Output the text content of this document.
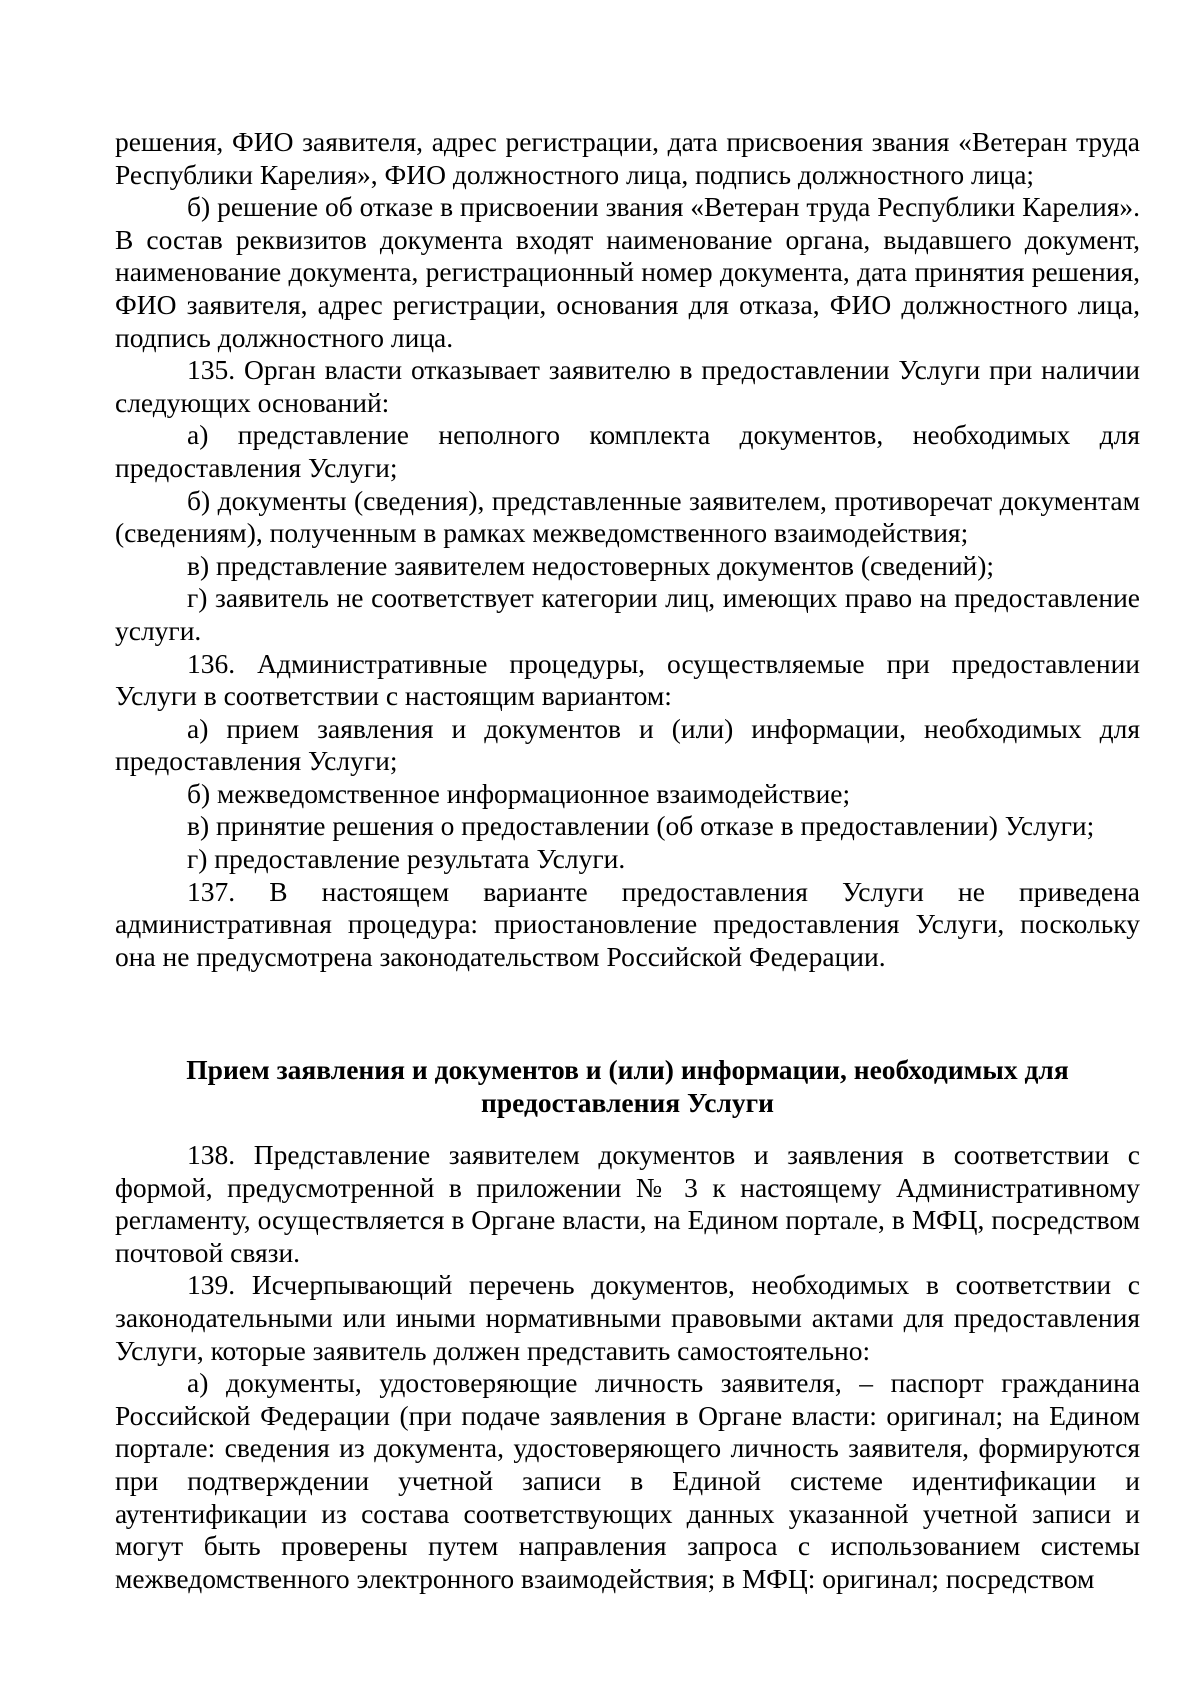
решения, ФИО заявителя, адрес регистрации, дата присвоения звания «Ветеран труда Республики Карелия», ФИО должностного лица, подпись должностного лица;

б) решение об отказе в присвоении звания «Ветеран труда Республики Карелия». В состав реквизитов документа входят наименование органа, выдавшего документ, наименование документа, регистрационный номер документа, дата принятия решения, ФИО заявителя, адрес регистрации, основания для отказа, ФИО должностного лица, подпись должностного лица.

135. Орган власти отказывает заявителю в предоставлении Услуги при наличии следующих оснований:

а) представление неполного комплекта документов, необходимых для предоставления Услуги;

б) документы (сведения), представленные заявителем, противоречат документам (сведениям), полученным в рамках межведомственного взаимодействия;

в) представление заявителем недостоверных документов (сведений);

г) заявитель не соответствует категории лиц, имеющих право на предоставление услуги.

136. Административные процедуры, осуществляемые при предоставлении Услуги в соответствии с настоящим вариантом:

а) прием заявления и документов и (или) информации, необходимых для предоставления Услуги;

б) межведомственное информационное взаимодействие;

в) принятие решения о предоставлении (об отказе в предоставлении) Услуги;

г) предоставление результата Услуги.

137. В настоящем варианте предоставления Услуги не приведена административная процедура: приостановление предоставления Услуги, поскольку она не предусмотрена законодательством Российской Федерации.

Прием заявления и документов и (или) информации, необходимых для
предоставления Услуги

138. Представление заявителем документов и заявления в соответствии с формой, предусмотренной в приложении № 3 к настоящему Административному регламенту, осуществляется в Органе власти, на Едином портале, в МФЦ, посредством почтовой связи.

139. Исчерпывающий перечень документов, необходимых в соответствии с законодательными или иными нормативными правовыми актами для предоставления Услуги, которые заявитель должен представить самостоятельно:

а) документы, удостоверяющие личность заявителя, – паспорт гражданина Российской Федерации (при подаче заявления в Органе власти: оригинал; на Едином портале: сведения из документа, удостоверяющего личность заявителя, формируются при подтверждении учетной записи в Единой системе идентификации и аутентификации из состава соответствующих данных указанной учетной записи и могут быть проверены путем направления запроса с использованием системы межведомственного электронного взаимодействия; в МФЦ: оригинал; посредством
